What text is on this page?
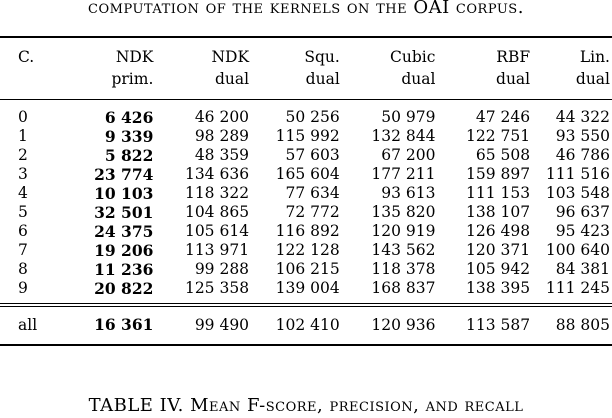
computation of the kernels on the OAI corpus.
C.	NDK	NDK	Squ.	Cubic	RBF	Lin.
	prim.	dual	dual	dual	dual	dual
0	6 426	46 200	50 256	50 979	47 246	44 322
1	9 339	98 289	115 992	132 844	122 751	93 550
2	5 822	48 359	57 603	67 200	65 508	46 786
3	23 774	134 636	165 604	177 211	159 897	111 516
4	10 103	118 322	77 634	93 613	111 153	103 548
5	32 501	104 865	72 772	135 820	138 107	96 637
6	24 375	105 614	116 892	120 919	126 498	95 423
7	19 206	113 971	122 128	143 562	120 371	100 640
8	11 236	99 288	106 215	118 378	105 942	84 381
9	20 822	125 358	139 004	168 837	138 395	111 245
all	16 361	99 490	102 410	120 936	113 587	88 805
TABLE IV. Mean F-score, precision, and recall
